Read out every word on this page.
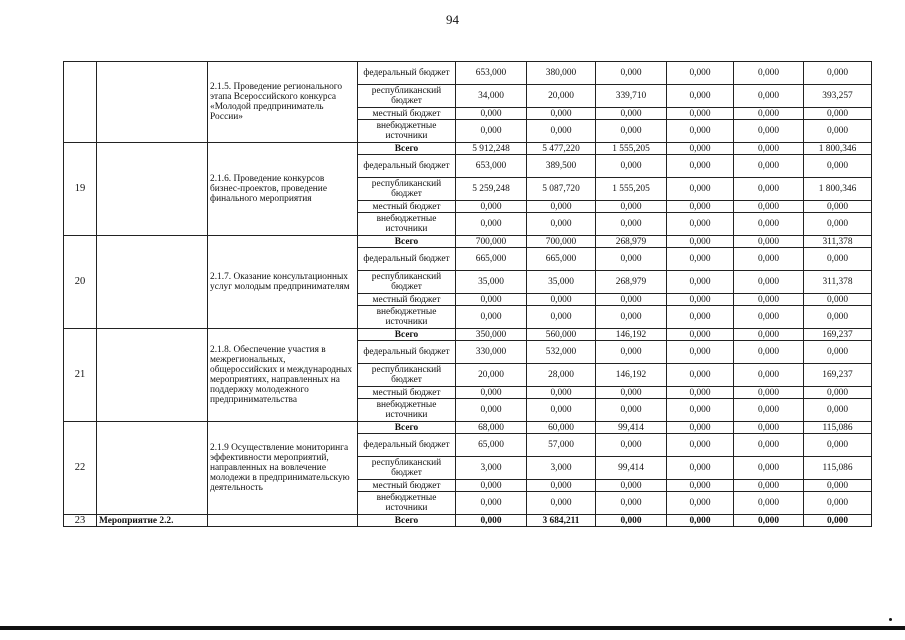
94
		2.1.5. Проведение регионального этапа Всероссийского конкурса «Молодой предприниматель России»	федеральный бюджет	653,000	380,000	0,000	0,000	0,000	0,000
			республиканский бюджет	34,000	20,000	339,710	0,000	0,000	393,257
			местный бюджет	0,000	0,000	0,000	0,000	0,000	0,000
			внебюджетные источники	0,000	0,000	0,000	0,000	0,000	0,000
19		2.1.6. Проведение конкурсов бизнес-проектов, проведение финального мероприятия	Всего	5 912,248	5 477,220	1 555,205	0,000	0,000	1 800,346
			федеральный бюджет	653,000	389,500	0,000	0,000	0,000	0,000
			республиканский бюджет	5 259,248	5 087,720	1 555,205	0,000	0,000	1 800,346
			местный бюджет	0,000	0,000	0,000	0,000	0,000	0,000
			внебюджетные источники	0,000	0,000	0,000	0,000	0,000	0,000
20		2.1.7. Оказание консультационных услуг молодым предпринимателям	Всего	700,000	700,000	268,979	0,000	0,000	311,378
			федеральный бюджет	665,000	665,000	0,000	0,000	0,000	0,000
			республиканский бюджет	35,000	35,000	268,979	0,000	0,000	311,378
			местный бюджет	0,000	0,000	0,000	0,000	0,000	0,000
			внебюджетные источники	0,000	0,000	0,000	0,000	0,000	0,000
21		2.1.8. Обеспечение участия в межрегиональных, общероссийских и международных мероприятиях, направленных на поддержку молодежного предпринимательства	Всего	350,000	560,000	146,192	0,000	0,000	169,237
			федеральный бюджет	330,000	532,000	0,000	0,000	0,000	0,000
			республиканский бюджет	20,000	28,000	146,192	0,000	0,000	169,237
			местный бюджет	0,000	0,000	0,000	0,000	0,000	0,000
			внебюджетные источники	0,000	0,000	0,000	0,000	0,000	0,000
22		2.1.9 Осуществление мониторинга эффективности мероприятий, направленных на вовлечение молодежи в предпринимательскую деятельность	Всего	68,000	60,000	99,414	0,000	0,000	115,086
			федеральный бюджет	65,000	57,000	0,000	0,000	0,000	0,000
			республиканский бюджет	3,000	3,000	99,414	0,000	0,000	115,086
			местный бюджет	0,000	0,000	0,000	0,000	0,000	0,000
			внебюджетные источники	0,000	0,000	0,000	0,000	0,000	0,000
23	Мероприятие 2.2.		Всего	0,000	3 684,211	0,000	0,000	0,000	0,000
